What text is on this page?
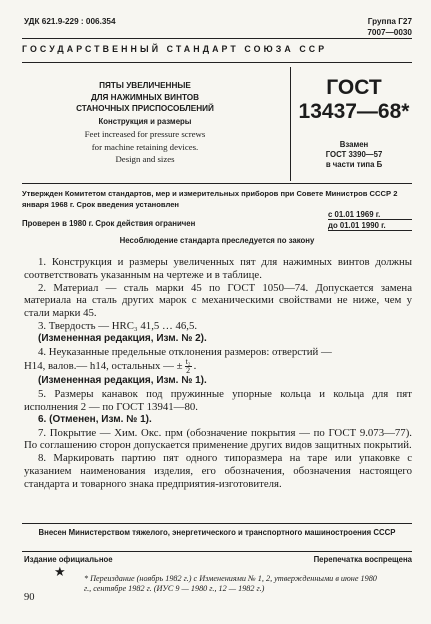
УДК 621.9-229 : 006.354	Группа Г27
7007—0030
ГОСУДАРСТВЕННЫЙ СТАНДАРТ СОЮЗА ССР
ПЯТЫ УВЕЛИЧЕННЫЕ
ДЛЯ НАЖИМНЫХ ВИНТОВ
СТАНОЧНЫХ ПРИСПОСОБЛЕНИЙ
Конструкция и размеры
Feet increased for pressure screws
for machine retaining devices.
Design and sizes
ГОСТ
13437—68*
Взамен
ГОСТ 3390—57
в части типа Б
Утвержден Комитетом стандартов, мер и измерительных приборов при Совете Министров СССР 2 января 1968 г. Срок введения установлен
с 01.01 1969 г.
Проверен в 1980 г. Срок действия ограничен	до 01.01 1990 г.
Несоблюдение стандарта преследуется по закону

1. Конструкция и размеры увеличенных пят для нажимных винтов должны соответствовать указанным на чертеже и в таблице.

2. Материал — сталь марки 45 по ГОСТ 1050—74. Допускается замена материала на сталь других марок с механическими свойствами не ниже, чем у стали марки 45.

3. Твердость — HRC₃ 41,5 … 46,5.

(Измененная редакция, Изм. № 2).

4. Неуказанные предельные отклонения размеров: отверстий —

H14, валов.— h14, остальных — ± $\frac{\text{t₂}}{2}$ .

(Измененная редакция, Изм. № 1).

5. Размеры канавок под пружинные упорные кольца и кольца для пят исполнения 2 — по ГОСТ 13941—80.

6. (Отменен, Изм. № 1).

7. Покрытие — Хим. Окс. прм (обозначение покрытия — по ГОСТ 9.073—77). По соглашению сторон допускается применение других видов защитных покрытий.

8. Маркировать партию пят одного типоразмера на таре или упаковке с указанием наименования изделия, его обозначения, обозначения настоящего стандарта и товарного знака предприятия-изготовителя.

Внесен Министерством тяжелого, энергетического и транспортного машиностроения СССР
Издание официальное	Перепечатка воспрещена
★ * Переиздание (ноябрь 1982 г.) с Изменениями № 1, 2, утвержденными в июне 1980 г., сентябре 1982 г. (ИУС 9 — 1980 г., 12 — 1982 г.)
90
